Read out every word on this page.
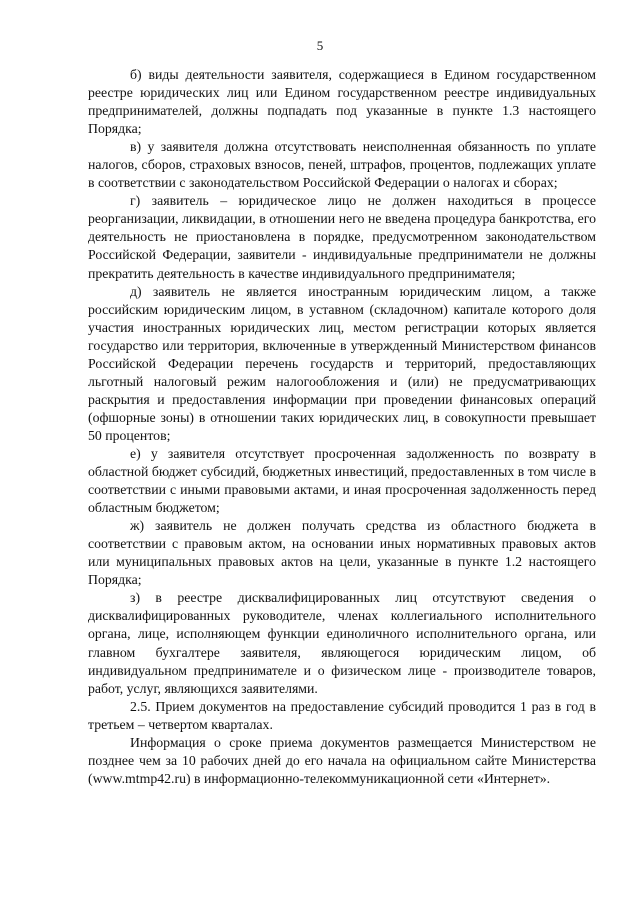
5

б) виды деятельности заявителя, содержащиеся в Едином государственном реестре юридических лиц или Едином государственном реестре индивидуальных предпринимателей, должны подпадать под указанные в пункте 1.3 настоящего Порядка;

в) у заявителя должна отсутствовать неисполненная обязанность по уплате налогов, сборов, страховых взносов, пеней, штрафов, процентов, подлежащих уплате в соответствии с законодательством Российской Федерации о налогах и сборах;

г) заявитель – юридическое лицо не должен находиться в процессе реорганизации, ликвидации, в отношении него не введена процедура банкротства, его деятельность не приостановлена в порядке, предусмотренном законодательством Российской Федерации, заявители - индивидуальные предприниматели не должны прекратить деятельность в качестве индивидуального предпринимателя;

д) заявитель не является иностранным юридическим лицом, а также российским юридическим лицом, в уставном (складочном) капитале которого доля участия иностранных юридических лиц, местом регистрации которых является государство или территория, включенные в утвержденный Министерством финансов Российской Федерации перечень государств и территорий, предоставляющих льготный налоговый режим налогообложения и (или) не предусматривающих раскрытия и предоставления информации при проведении финансовых операций (офшорные зоны) в отношении таких юридических лиц, в совокупности превышает 50 процентов;

е) у заявителя отсутствует просроченная задолженность по возврату в областной бюджет субсидий, бюджетных инвестиций, предоставленных в том числе в соответствии с иными правовыми актами, и иная просроченная задолженность перед областным бюджетом;

ж) заявитель не должен получать средства из областного бюджета в соответствии с правовым актом, на основании иных нормативных правовых актов или муниципальных правовых актов на цели, указанные в пункте 1.2 настоящего Порядка;

з) в реестре дисквалифицированных лиц отсутствуют сведения о дисквалифицированных руководителе, членах коллегиального исполнительного органа, лице, исполняющем функции единоличного исполнительного органа, или главном бухгалтере заявителя, являющегося юридическим лицом, об индивидуальном предпринимателе и о физическом лице - производителе товаров, работ, услуг, являющихся заявителями.

2.5. Прием документов на предоставление субсидий проводится 1 раз в год в третьем – четвертом кварталах.

Информация о сроке приема документов размещается Министерством не позднее чем за 10 рабочих дней до его начала на официальном сайте Министерства (www.mtmp42.ru) в информационно-телекоммуникационной сети «Интернет».
